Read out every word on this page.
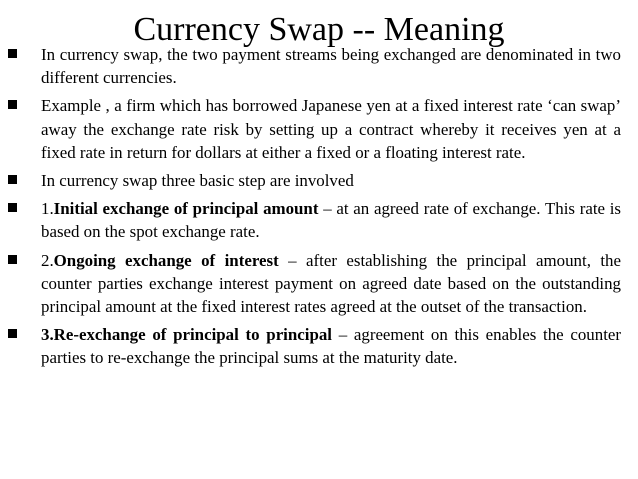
Currency Swap -- Meaning
In currency swap, the two payment streams being exchanged are denominated in two different currencies.
Example , a firm which has borrowed Japanese yen at a fixed interest rate ‘can swap’ away the exchange rate risk by setting up a contract whereby it receives yen at a fixed rate in return for dollars at either a fixed or a floating interest rate.
In currency swap three basic step are involved
1.Initial exchange of principal amount – at an agreed rate of exchange. This rate is based on the spot exchange rate.
2.Ongoing exchange of interest – after establishing the principal amount, the counter parties exchange interest payment on agreed date based on the outstanding principal amount at the fixed interest rates agreed at the outset of the transaction.
3.Re-exchange of principal to principal – agreement on this enables the counter parties to re-exchange the principal sums at the maturity date.
